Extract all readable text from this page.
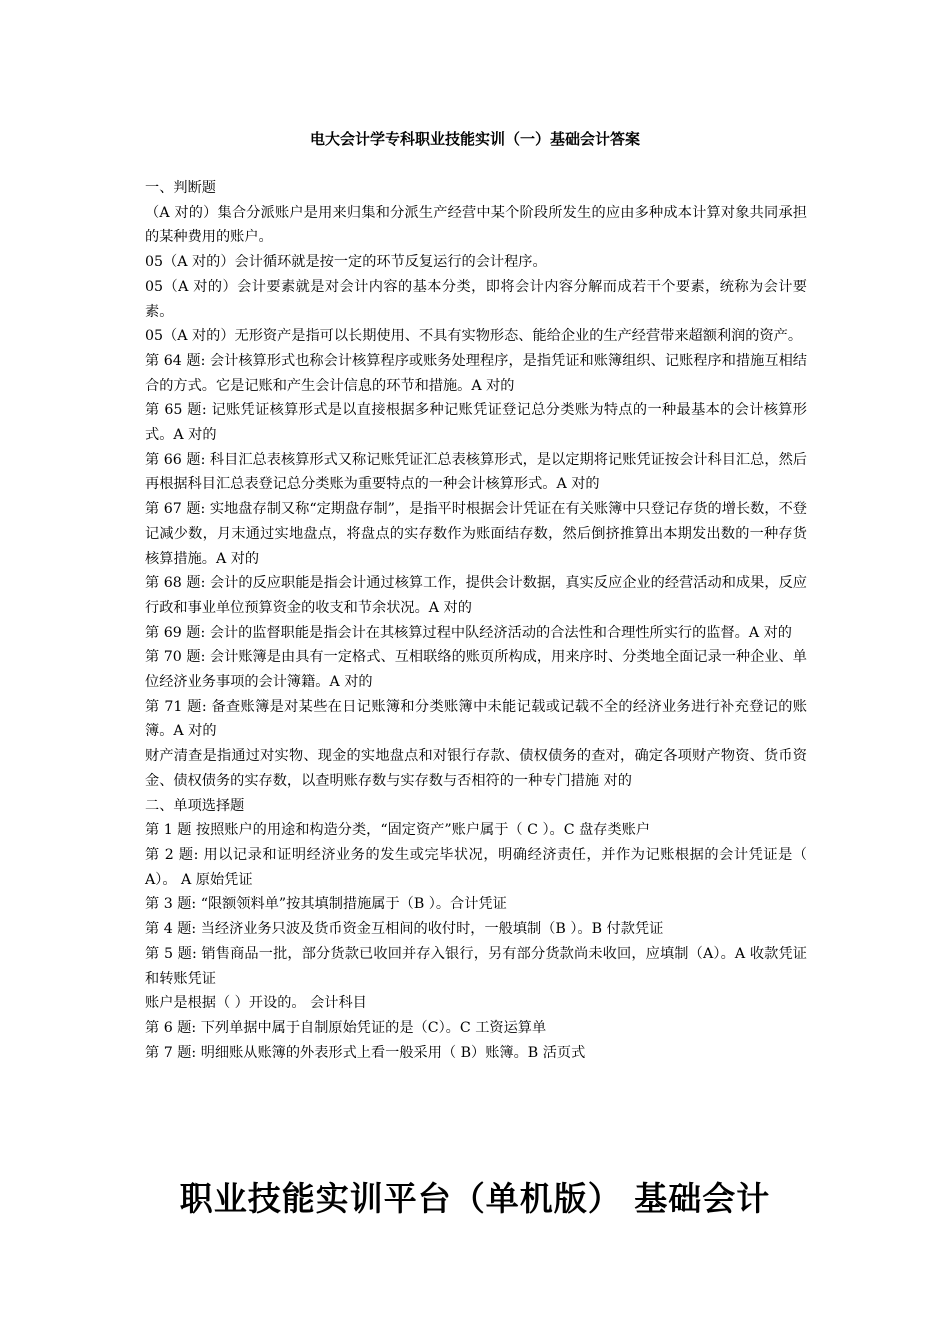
电大会计学专科职业技能实训（一）基础会计答案

一、判断题

（A 对的）集合分派账户是用来归集和分派生产经营中某个阶段所发生的应由多种成本计算对象共同承担的某种费用的账户。

05（A 对的）会计循环就是按一定的环节反复运行的会计程序。

05（A 对的）会计要素就是对会计内容的基本分类，即将会计内容分解而成若干个要素，统称为会计要素。

05（A 对的）无形资产是指可以长期使用、不具有实物形态、能给企业的生产经营带来超额利润的资产。

第 64 题: 会计核算形式也称会计核算程序或账务处理程序，是指凭证和账簿组织、记账程序和措施互相结合的方式。它是记账和产生会计信息的环节和措施。A 对的

第 65 题: 记账凭证核算形式是以直接根据多种记账凭证登记总分类账为特点的一种最基本的会计核算形式。A 对的

第 66 题: 科目汇总表核算形式又称记账凭证汇总表核算形式，是以定期将记账凭证按会计科目汇总，然后再根据科目汇总表登记总分类账为重要特点的一种会计核算形式。A 对的

第 67 题: 实地盘存制又称“定期盘存制”，是指平时根据会计凭证在有关账簿中只登记存货的增长数，不登记减少数，月末通过实地盘点，将盘点的实存数作为账面结存数，然后倒挤推算出本期发出数的一种存货核算措施。A 对的

第 68 题: 会计的反应职能是指会计通过核算工作，提供会计数据，真实反应企业的经营活动和成果，反应行政和事业单位预算资金的收支和节余状况。A 对的

第 69 题: 会计的监督职能是指会计在其核算过程中队经济活动的合法性和合理性所实行的监督。A 对的

第 70 题: 会计账簿是由具有一定格式、互相联络的账页所构成，用来序时、分类地全面记录一种企业、单位经济业务事项的会计簿籍。A 对的

第 71 题: 备查账簿是对某些在日记账簿和分类账簿中未能记载或记载不全的经济业务进行补充登记的账簿。A 对的

财产清查是指通过对实物、现金的实地盘点和对银行存款、债权债务的查对，确定各项财产物资、货币资金、债权债务的实存数，以查明账存数与实存数与否相符的一种专门措施 对的

二、单项选择题

第 1 题 按照账户的用途和构造分类，“固定资产”账户属于（ C ）。C 盘存类账户

第 2 题: 用以记录和证明经济业务的发生或完毕状况，明确经济责任，并作为记账根据的会计凭证是（ A）。 A 原始凭证

第 3 题: “限额领料单”按其填制措施属于（B ）。合计凭证

第 4 题: 当经济业务只波及货币资金互相间的收付时，一般填制（B ）。B 付款凭证

第 5 题: 销售商品一批，部分货款已收回并存入银行，另有部分货款尚未收回，应填制（A）。A 收款凭证和转账凭证

账户是根据（ ）开设的。 会计科目

第 6 题: 下列单据中属于自制原始凭证的是（C）。C 工资运算单

第 7 题: 明细账从账簿的外表形式上看一般采用（ B）账簿。B 活页式

职业技能实训平台（单机版） 基础会计
